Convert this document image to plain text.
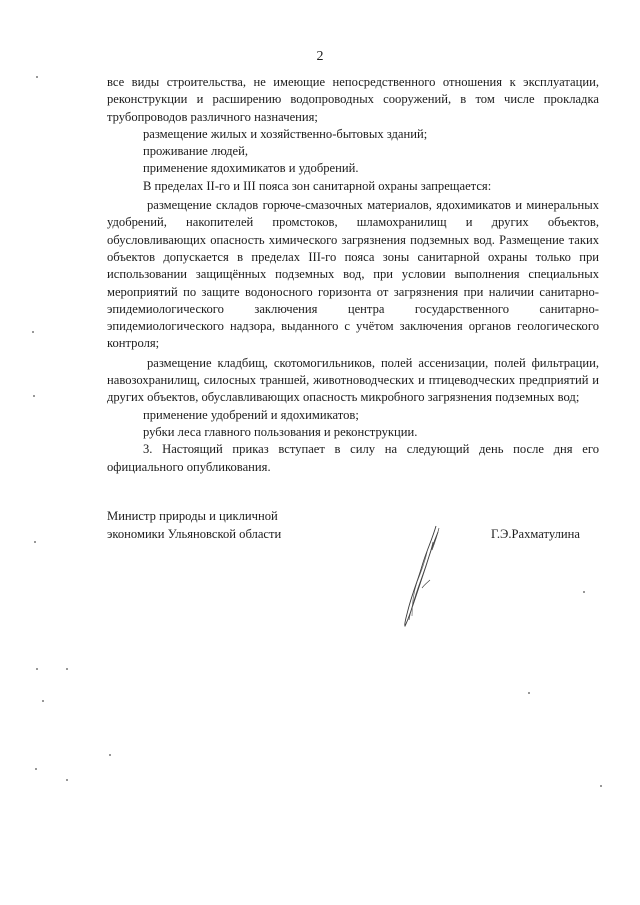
2

все виды строительства, не имеющие непосредственного отношения к эксплуатации, реконструкции и расширению водопроводных сооружений, в том числе прокладка трубопроводов различного назначения;

размещение жилых и хозяйственно-бытовых зданий;

проживание людей,

применение ядохимикатов и удобрений.

В пределах II-го и III пояса зон санитарной охраны запрещается:

размещение складов горюче-смазочных материалов, ядохимикатов и минеральных удобрений, накопителей промстоков, шламохранилищ и других объектов, обусловливающих опасность химического загрязнения подземных вод. Размещение таких объектов допускается в пределах III-го пояса зоны санитарной охраны только при использовании защищённых подземных вод, при условии выполнения специальных мероприятий по защите водоносного горизонта от загрязнения при наличии санитарно-эпидемиологического заключения центра государственного санитарно-эпидемиологического надзора, выданного с учётом заключения органов геологического контроля;

размещение кладбищ, скотомогильников, полей ассенизации, полей фильтрации, навозохранилищ, силосных траншей, животноводческих и птицеводческих предприятий и других объектов, обуславливающих опасность микробного загрязнения подземных вод;

применение удобрений и ядохимикатов;

рубки леса главного пользования и реконструкции.

3. Настоящий приказ вступает в силу на следующий день после дня его официального опубликования.

Министр природы и цикличной
экономики Ульяновской области	Г.Э.Рахматулина
